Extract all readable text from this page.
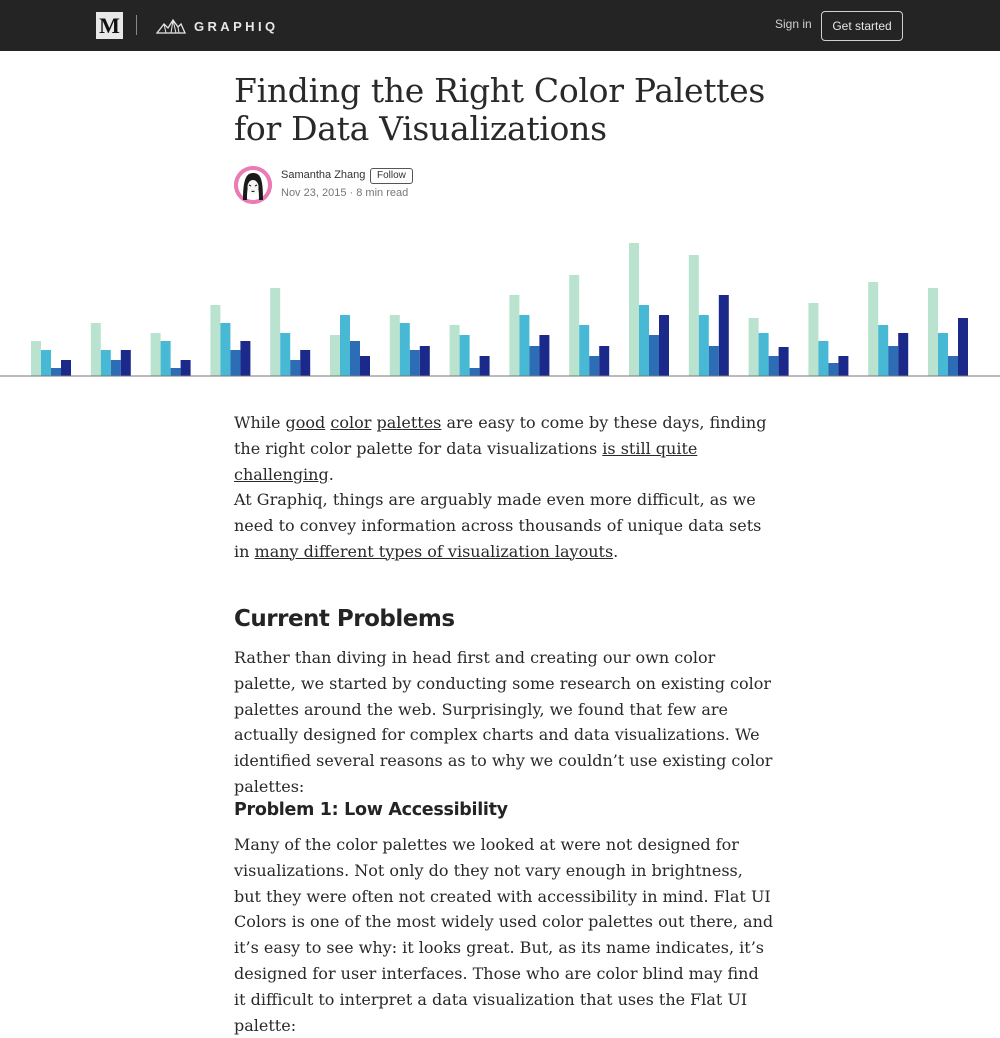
M	GRAPHIQ	Sign in	Get started
Finding the Right Color Palettes for Data Visualizations
Samantha Zhang	Follow
Nov 23, 2015 · 8 min read

While good color palettes are easy to come by these days, finding the right color palette for data visualizations is still quite challenging.

At Graphiq, things are arguably made even more difficult, as we need to convey information across thousands of unique data sets in many different types of visualization layouts.

Current Problems

Rather than diving in head first and creating our own color palette, we started by conducting some research on existing color palettes around the web. Surprisingly, we found that few are actually designed for complex charts and data visualizations. We identified several reasons as to why we couldn’t use existing color palettes:

Problem 1: Low Accessibility

Many of the color palettes we looked at were not designed for visualizations. Not only do they not vary enough in brightness, but they were often not created with accessibility in mind. Flat UI Colors is one of the most widely used color palettes out there, and it’s easy to see why: it looks great. But, as its name indicates, it’s designed for user interfaces. Those who are color blind may find it difficult to interpret a data visualization that uses the Flat UI palette:
